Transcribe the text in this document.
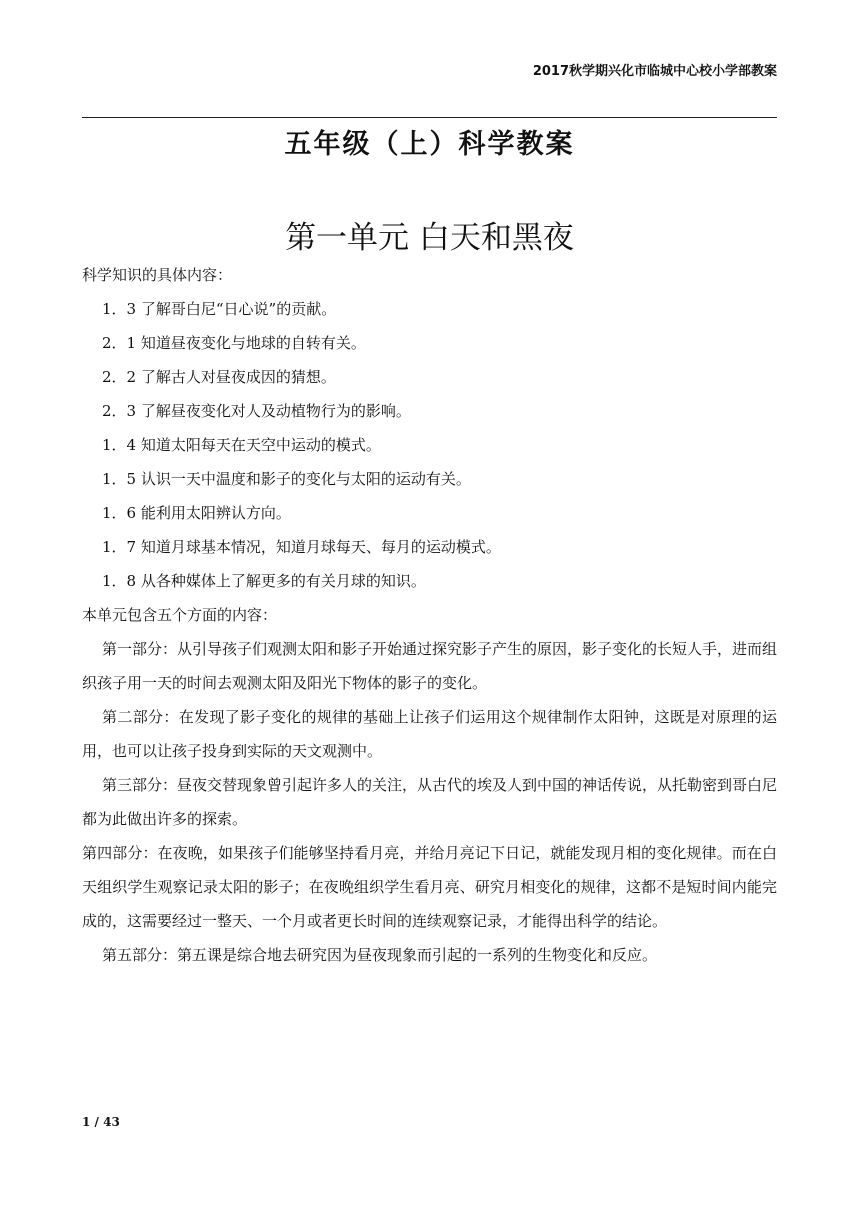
2017秋学期兴化市临城中心校小学部教案
五年级（上）科学教案
第一单元 白天和黑夜
科学知识的具体内容：
1．3 了解哥白尼“日心说”的贡献。
2．1 知道昼夜变化与地球的自转有关。
2．2 了解古人对昼夜成因的猜想。
2．3 了解昼夜变化对人及动植物行为的影响。
1．4 知道太阳每天在天空中运动的模式。
1．5 认识一天中温度和影子的变化与太阳的运动有关。
1．6 能利用太阳辨认方向。
1．7 知道月球基本情况，知道月球每天、每月的运动模式。
1．8 从各种媒体上了解更多的有关月球的知识。
本单元包含五个方面的内容：
第一部分：从引导孩子们观测太阳和影子开始通过探究影子产生的原因，影子变化的长短人手，进而组织孩子用一天的时间去观测太阳及阳光下物体的影子的变化。
第二部分：在发现了影子变化的规律的基础上让孩子们运用这个规律制作太阳钟，这既是对原理的运用，也可以让孩子投身到实际的天文观测中。
第三部分：昼夜交替现象曾引起许多人的关注，从古代的埃及人到中国的神话传说，从托勒密到哥白尼都为此做出许多的探索。
第四部分：在夜晚，如果孩子们能够坚持看月亮，并给月亮记下日记，就能发现月相的变化规律。而在白天组织学生观察记录太阳的影子；在夜晚组织学生看月亮、研究月相变化的规律，这都不是短时间内能完成的，这需要经过一整天、一个月或者更长时间的连续观察记录，才能得出科学的结论。
第五部分：第五课是综合地去研究因为昼夜现象而引起的一系列的生物变化和反应。
1 / 43
